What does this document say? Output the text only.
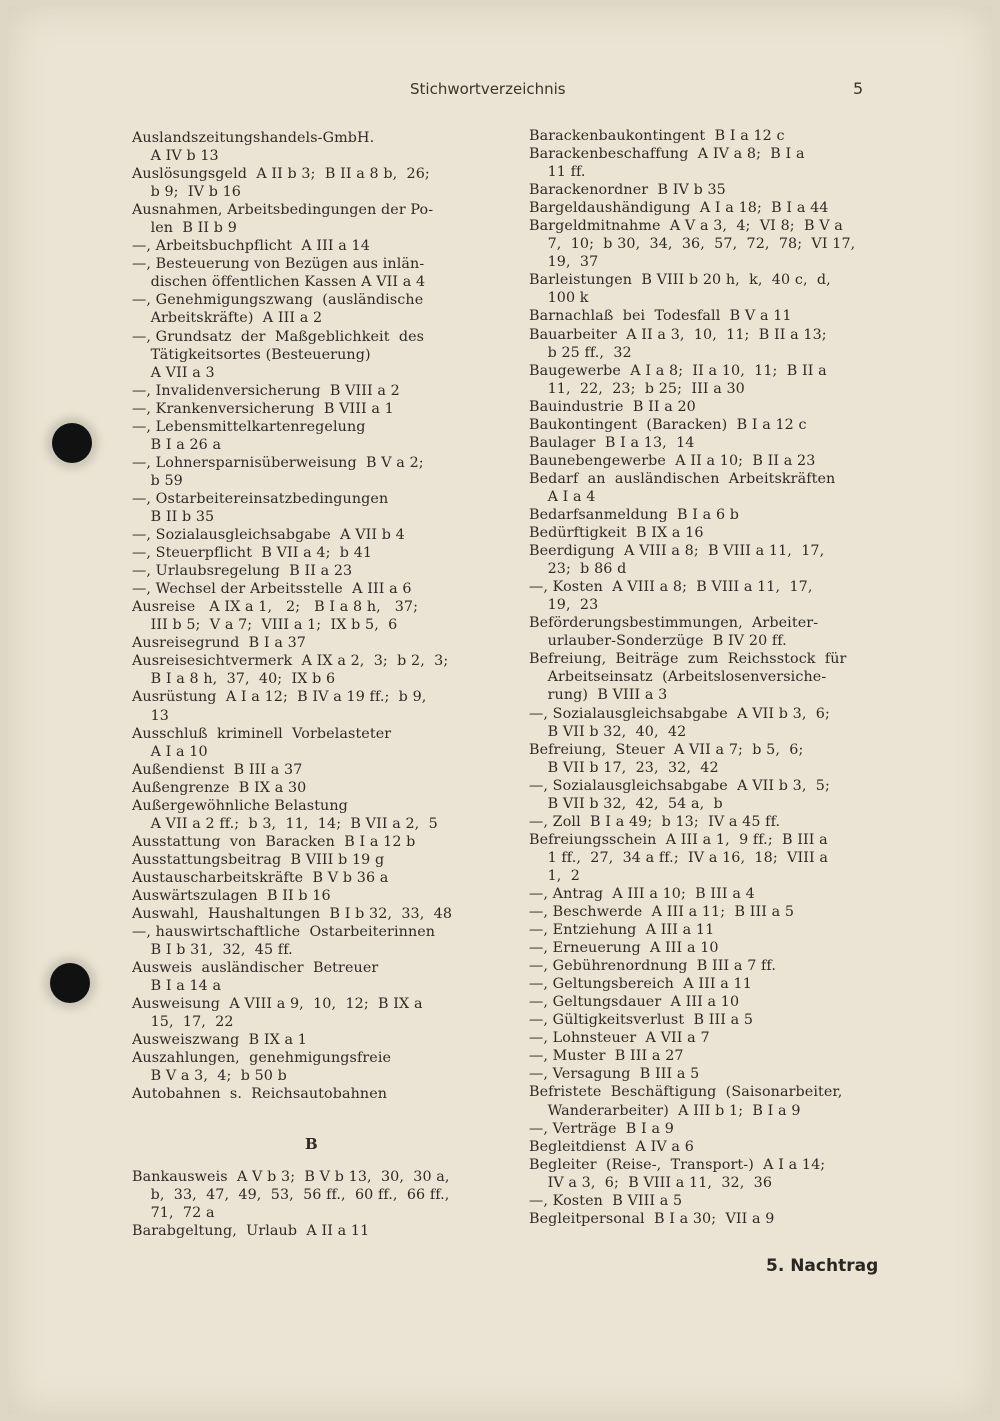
Stichwortverzeichnis	5
Auslandszeitungshandels-GmbH.
A IV b 13
Auslösungsgeld  A II b 3;  B II a 8 b,  26;
b 9;  IV b 16
Ausnahmen, Arbeitsbedingungen der Po-
len  B II b 9
—, Arbeitsbuchpflicht  A III a 14
—, Besteuerung von Bezügen aus inlän-
dischen öffentlichen Kassen A VII a 4
—, Genehmigungszwang  (ausländische
Arbeitskräfte)  A III a 2
—, Grundsatz  der  Maßgeblichkeit  des
Tätigkeitsortes (Besteuerung)
A VII a 3
—, Invalidenversicherung  B VIII a 2
—, Krankenversicherung  B VIII a 1
—, Lebensmittelkartenregelung
B I a 26 a
—, Lohnersparnisüberweisung  B V a 2;
b 59
—, Ostarbeitereinsatzbedingungen
B II b 35
—, Sozialausgleichsabgabe  A VII b 4
—, Steuerpflicht  B VII a 4;  b 41
—, Urlaubsregelung  B II a 23
—, Wechsel der Arbeitsstelle  A III a 6
Ausreise   A IX a 1,   2;   B I a 8 h,   37;
III b 5;  V a 7;  VIII a 1;  IX b 5,  6
Ausreisegrund  B I a 37
Ausreisesichtvermerk  A IX a 2,  3;  b 2,  3;
B I a 8 h,  37,  40;  IX b 6
Ausrüstung  A I a 12;  B IV a 19 ff.;  b 9,
13
Ausschluß  kriminell  Vorbelasteter
A I a 10
Außendienst  B III a 37
Außengrenze  B IX a 30
Außergewöhnliche Belastung
A VII a 2 ff.;  b 3,  11,  14;  B VII a 2,  5
Ausstattung  von  Baracken  B I a 12 b
Ausstattungsbeitrag  B VIII b 19 g
Austauscharbeitskräfte  B V b 36 a
Auswärtszulagen  B II b 16
Auswahl,  Haushaltungen  B I b 32,  33,  48
—, hauswirtschaftliche  Ostarbeiterinnen
B I b 31,  32,  45 ff.
Ausweis  ausländischer  Betreuer
B I a 14 a
Ausweisung  A VIII a 9,  10,  12;  B IX a
15,  17,  22
Ausweiszwang  B IX a 1
Auszahlungen,  genehmigungsfreie
B V a 3,  4;  b 50 b
Autobahnen  s.  Reichsautobahnen
B
Bankausweis  A V b 3;  B V b 13,  30,  30 a,
b,  33,  47,  49,  53,  56 ff.,  60 ff.,  66 ff.,
71,  72 a
Barabgeltung,  Urlaub  A II a 11
Barackenbaukontingent  B I a 12 c
Barackenbeschaffung  A IV a 8;  B I a
11 ff.
Barackenordner  B IV b 35
Bargeldaushändigung  A I a 18;  B I a 44
Bargeldmitnahme  A V a 3,  4;  VI 8;  B V a
7,  10;  b 30,  34,  36,  57,  72,  78;  VI 17,
19,  37
Barleistungen  B VIII b 20 h,  k,  40 c,  d,
100 k
Barnachlaß  bei  Todesfall  B V a 11
Bauarbeiter  A II a 3,  10,  11;  B II a 13;
b 25 ff.,  32
Baugewerbe  A I a 8;  II a 10,  11;  B II a
11,  22,  23;  b 25;  III a 30
Bauindustrie  B II a 20
Baukontingent  (Baracken)  B I a 12 c
Baulager  B I a 13,  14
Baunebengewerbe  A II a 10;  B II a 23
Bedarf  an  ausländischen  Arbeitskräften
A I a 4
Bedarfsanmeldung  B I a 6 b
Bedürftigkeit  B IX a 16
Beerdigung  A VIII a 8;  B VIII a 11,  17,
23;  b 86 d
—, Kosten  A VIII a 8;  B VIII a 11,  17,
19,  23
Beförderungsbestimmungen,  Arbeiter-
urlauber-Sonderzüge  B IV 20 ff.
Befreiung,  Beiträge  zum  Reichsstock  für
Arbeitseinsatz  (Arbeitslosenversiche-
rung)  B VIII a 3
—, Sozialausgleichsabgabe  A VII b 3,  6;
B VII b 32,  40,  42
Befreiung,  Steuer  A VII a 7;  b 5,  6;
B VII b 17,  23,  32,  42
—, Sozialausgleichsabgabe  A VII b 3,  5;
B VII b 32,  42,  54 a,  b
—, Zoll  B I a 49;  b 13;  IV a 45 ff.
Befreiungsschein  A III a 1,  9 ff.;  B III a
1 ff.,  27,  34 a ff.;  IV a 16,  18;  VIII a
1,  2
—, Antrag  A III a 10;  B III a 4
—, Beschwerde  A III a 11;  B III a 5
—, Entziehung  A III a 11
—, Erneuerung  A III a 10
—, Gebührenordnung  B III a 7 ff.
—, Geltungsbereich  A III a 11
—, Geltungsdauer  A III a 10
—, Gültigkeitsverlust  B III a 5
—, Lohnsteuer  A VII a 7
—, Muster  B III a 27
—, Versagung  B III a 5
Befristete  Beschäftigung  (Saisonarbeiter,
Wanderarbeiter)  A III b 1;  B I a 9
—, Verträge  B I a 9
Begleitdienst  A IV a 6
Begleiter  (Reise-,  Transport-)  A I a 14;
IV a 3,  6;  B VIII a 11,  32,  36
—, Kosten  B VIII a 5
Begleitpersonal  B I a 30;  VII a 9
5. Nachtrag
